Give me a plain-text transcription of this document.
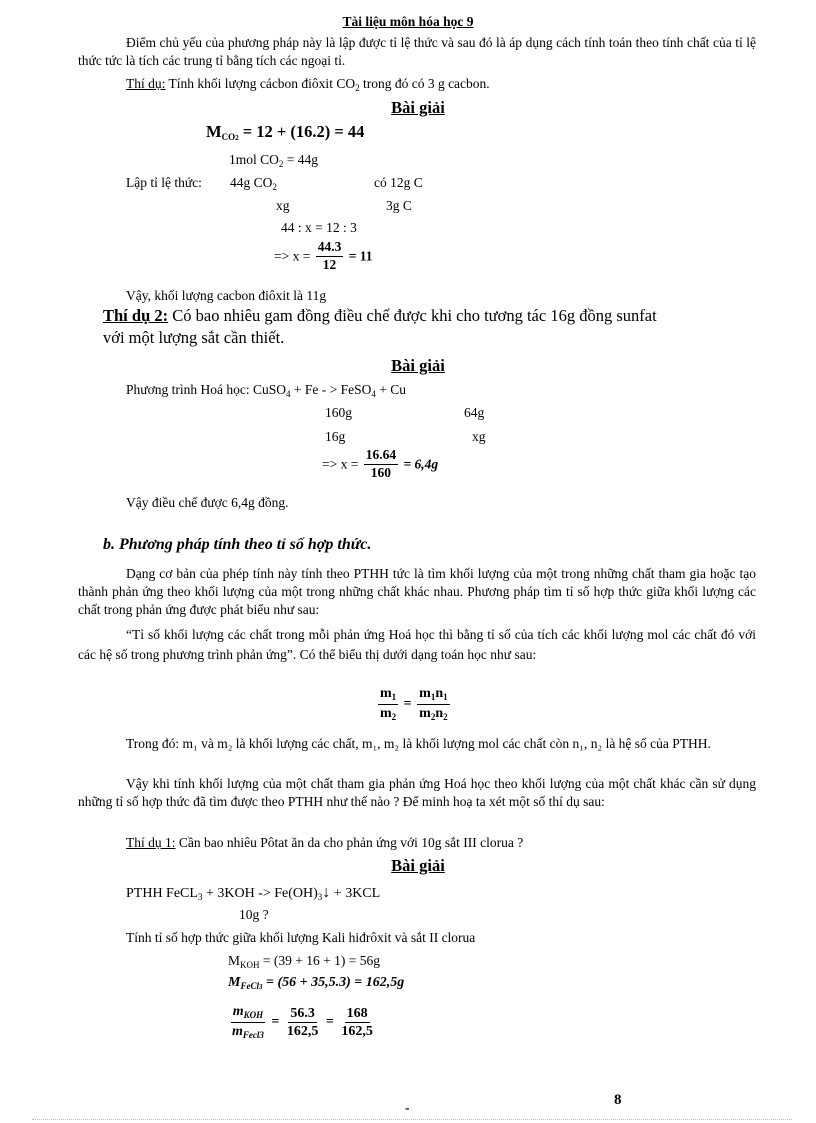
Tài liệu môn hóa học 9
Điểm chủ yếu của phương pháp này là lập được tỉ lệ thức và sau đó là áp dụng cách tính toán theo tính chất của tỉ lệ thức tức là tích các trung tỉ bằng tích các ngoại tỉ.
Thí dụ: Tính khối lượng cácbon điôxit $CO_2$ trong đó có 3 g cacbon.
Bài giải
$M_{CO2} = 12 + (16.2) = 44$
1mol $CO_2 = 44g$
Lập tỉ lệ thức: 44g $CO_2$	có 12g C
xg	3g C
44 : x = 12 : 3
=> $x = \frac{44.3}{12} = 11$
Vậy, khối lượng cacbon điôxit là 11g
Thí dụ 2: Có bao nhiêu gam đồng điều chế được khi cho tương tác 16g đồng sunfat
với một lượng sắt cần thiết.
Bài giải
Phương trình Hoá học: CuSO$_4$ + Fe - > FeSO$_4$ + Cu
160g	64g
16g	xg
=> $x = \frac{16.64}{160} = 6,4g$
Vậy điều chế được 6,4g đồng.
b. Phương pháp tính theo tỉ số hợp thức.
Dạng cơ bản của phép tính này tính theo PTHH tức là tìm khối lượng của một trong những chất tham gia hoặc tạo thành phản ứng theo khối lượng của một trong những chất khác nhau. Phương pháp tìm tỉ số hợp thức giữa khối lượng các chất trong phản ứng được phát biểu như sau:
“Tỉ số khối lượng các chất trong mỗi phản ứng Hoá học thì bằng tỉ số của tích các khối lượng mol các chất đó với các hệ số trong phương trình phản ứng”. Có thể biểu thị dưới dạng toán học như sau:
$\frac{m_1}{m_2} = \frac{m_1n_1}{m_2n_2}$
Trong đó: m₁ và m₂ là khối lượng các chất, m₁, m₂ là khối lượng mol các chất còn n₁, n₂ là hệ số của PTHH.
Vậy khi tính khối lượng của một chất tham gia phản ứng Hoá học theo khối lượng của một chất khác cần sử dụng những tỉ số hợp thức đã tìm được theo PTHH như thế nào ? Để minh hoạ ta xét một số thí dụ sau:
Thí dụ 1: Cần bao nhiêu Pôtat ăn da cho phản ứng với 10g sắt III clorua ?
Bài giải
PTHH FeCL$_3$ + $3KOH -> Fe(OH)_3↓ + 3KCL$
10g ?
Tính tỉ số hợp thức giữa khối lượng Kali hiđrôxit và sắt II clorua
$M_{KOH} = (39 + 16 + 1) = 56g$
$M_{FeCl3} = (56 + 35,5.3) = 162,5g$
$\frac{m_{KOH}}{m_{Fecl3}} = \frac{56.3}{162,5} = \frac{168}{162,5}$
-	8
